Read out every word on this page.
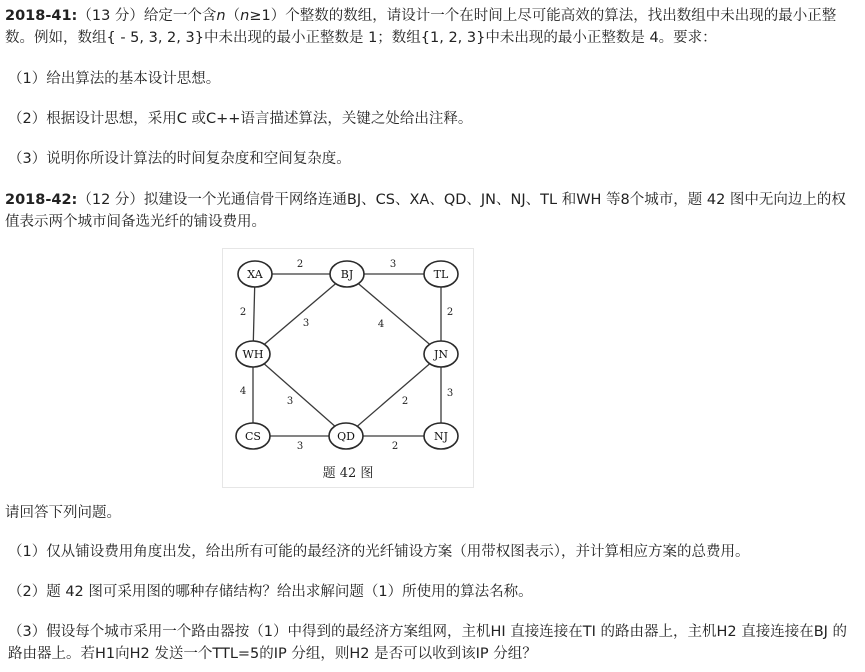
2018-41:（13 分）给定一个含n（n≥1）个整数的数组，请设计一个在时间上尽可能高效的算法，找出数组中未出现的最小正整数。例如，数组{ - 5, 3, 2, 3}中未出现的最小正整数是 1；数组{1, 2, 3}中未出现的最小正整数是 4。要求：

（1）给出算法的基本设计思想。

（2）根据设计思想，采用C 或C++语言描述算法，关键之处给出注释。

（3）说明你所设计算法的时间复杂度和空间复杂度。

2018-42:（12 分）拟建设一个光通信骨干网络连通BJ、CS、XA、QD、JN、NJ、TL 和WH 等8个城市，题 42 图中无向边上的权值表示两个城市间备选光纤的铺设费用。

2	3
2
3	4
2
4
3	2
3
3	2
XA	BJ	TL
WH	JN
CS	QD	NJ
题 42 图

请回答下列问题。

（1）仅从铺设费用角度出发，给出所有可能的最经济的光纤铺设方案（用带权图表示），并计算相应方案的总费用。

（2）题 42 图可采用图的哪种存储结构？给出求解问题（1）所使用的算法名称。

（3）假设每个城市采用一个路由器按（1）中得到的最经济方案组网，主机HI 直接连接在TI 的路由器上，主机H2 直接连接在BJ 的路由器上。若H1向H2 发送一个TTL=5的IP 分组，则H2 是否可以收到该IP 分组？
